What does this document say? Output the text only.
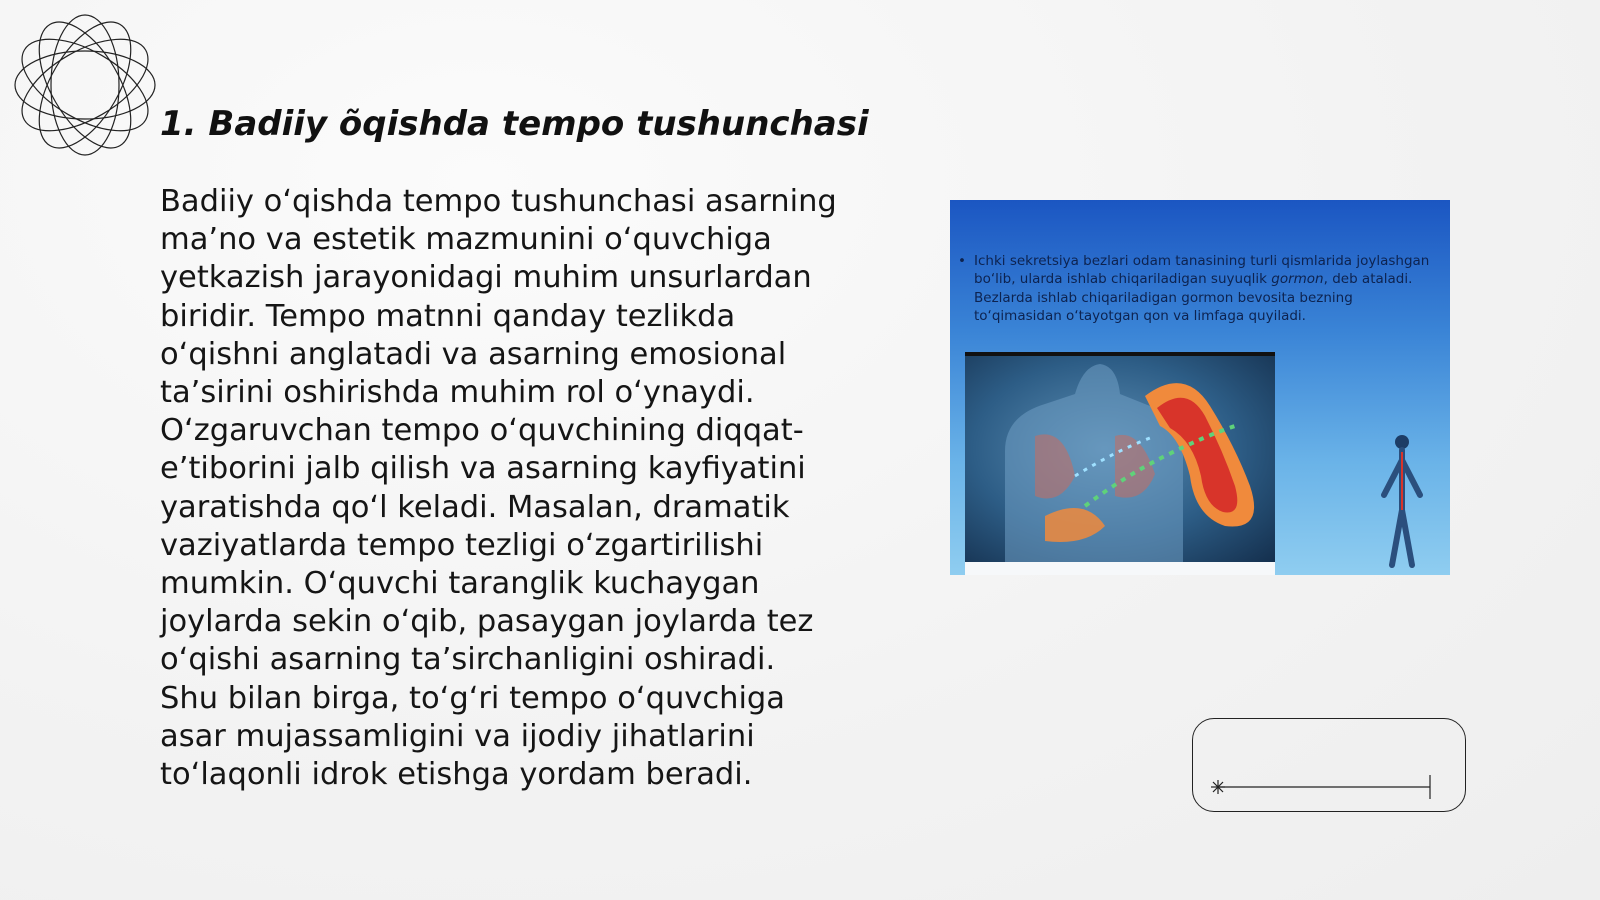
1. Badiiy õqishda tempo tushunchasi

Badiiy o‘qishda tempo tushunchasi asarning ma’no va estetik mazmunini o‘quvchiga yetkazish jarayonidagi muhim unsurlardan biridir. Tempo matnni qanday tezlikda o‘qishni anglatadi va asarning emosional ta’sirini oshirishda muhim rol o‘ynaydi. O‘zgaruvchan tempo o‘quvchining diqqat-e’tiborini jalb qilish va asarning kayfiyatini yaratishda qo‘l keladi. Masalan, dramatik vaziyatlarda tempo tezligi o‘zgartirilishi mumkin. O‘quvchi taranglik kuchaygan joylarda sekin o‘qib, pasaygan joylarda tez o‘qishi asarning ta’sirchanligini oshiradi. Shu bilan birga, to‘g‘ri tempo o‘quvchiga asar mujassamligini va ijodiy jihatlarini to‘laqonli idrok etishga yordam beradi.

• Ichki sekretsiya bezlari odam tanasining turli qismlarida joylashgan bo‘lib, ularda ishlab chiqariladigan suyuqlik gormon, deb ataladi. Bezlarda ishlab chiqariladigan gormon bevosita bezning to‘qimasidan o‘tayotgan qon va limfaga quyiladi.
